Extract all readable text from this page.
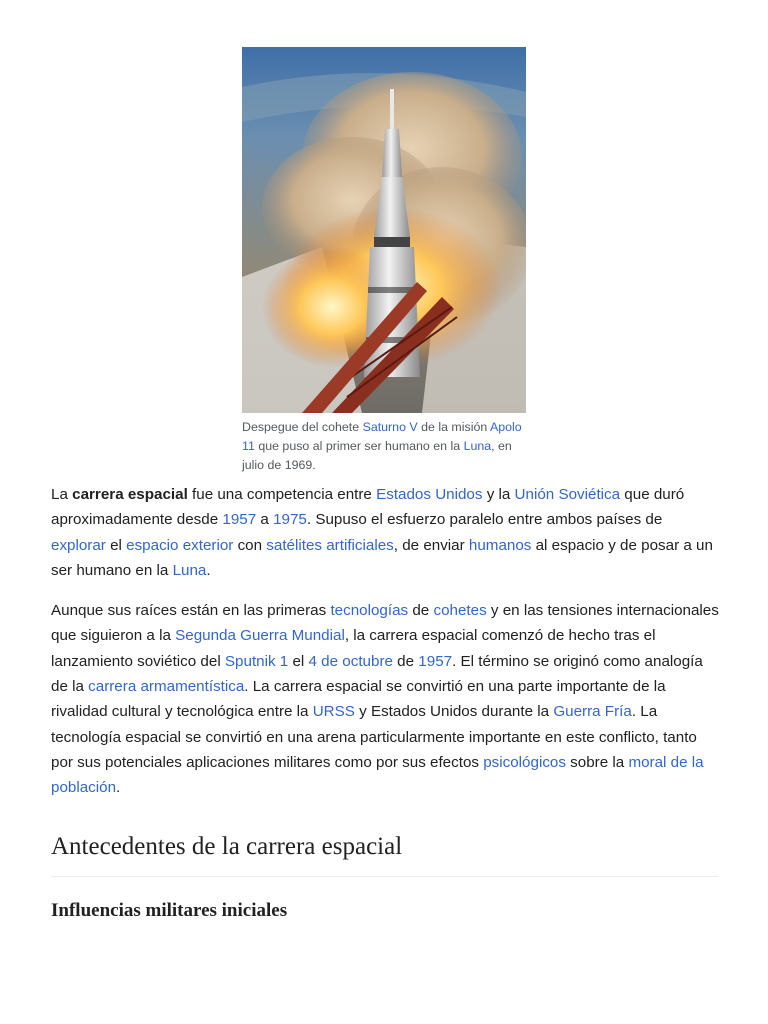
Despegue del cohete Saturno V de la misión Apolo 11 que puso al primer ser humano en la Luna, en julio de 1969.

La carrera espacial fue una competencia entre Estados Unidos y la Unión Soviética que duró aproximadamente desde 1957 a 1975. Supuso el esfuerzo paralelo entre ambos países de explorar el espacio exterior con satélites artificiales, de enviar humanos al espacio y de posar a un ser humano en la Luna.

Aunque sus raíces están en las primeras tecnologías de cohetes y en las tensiones internacionales que siguieron a la Segunda Guerra Mundial, la carrera espacial comenzó de hecho tras el lanzamiento soviético del Sputnik 1 el 4 de octubre de 1957. El término se originó como analogía de la carrera armamentística. La carrera espacial se convirtió en una parte importante de la rivalidad cultural y tecnológica entre la URSS y Estados Unidos durante la Guerra Fría. La tecnología espacial se convirtió en una arena particularmente importante en este conflicto, tanto por sus potenciales aplicaciones militares como por sus efectos psicológicos sobre la moral de la población.

Antecedentes de la carrera espacial
Influencias militares iniciales
